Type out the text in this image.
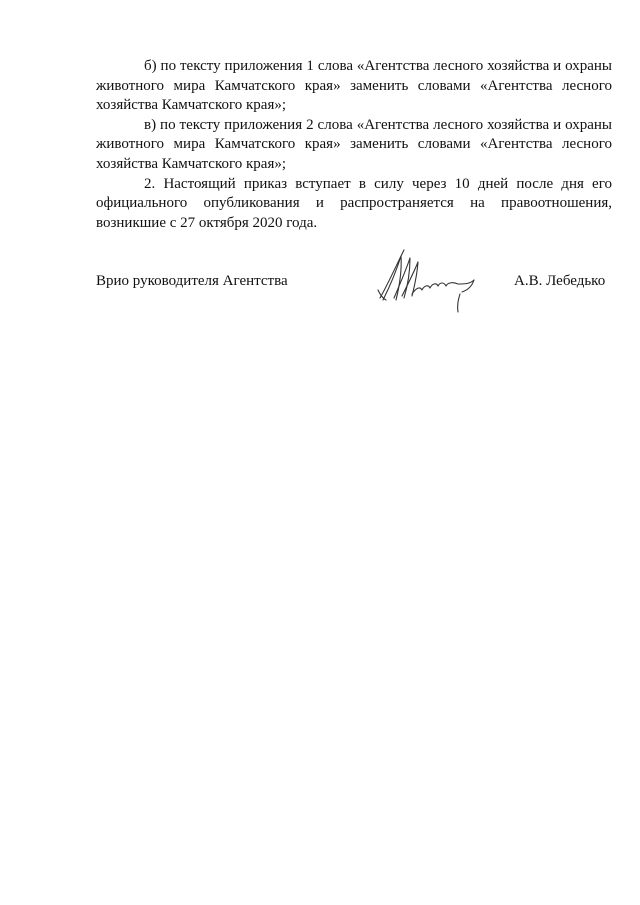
б) по тексту приложения 1 слова «Агентства лесного хозяйства и охраны животного мира Камчатского края» заменить словами «Агентства лесного хозяйства Камчатского края»;

в) по тексту приложения 2 слова «Агентства лесного хозяйства и охраны животного мира Камчатского края» заменить словами «Агентства лесного хозяйства Камчатского края»;

2. Настоящий приказ вступает в силу через 10 дней после дня его официального опубликования и распространяется на правоотношения, возникшие с 27 октября 2020 года.

Врио руководителя Агентства	А.В. Лебедько
